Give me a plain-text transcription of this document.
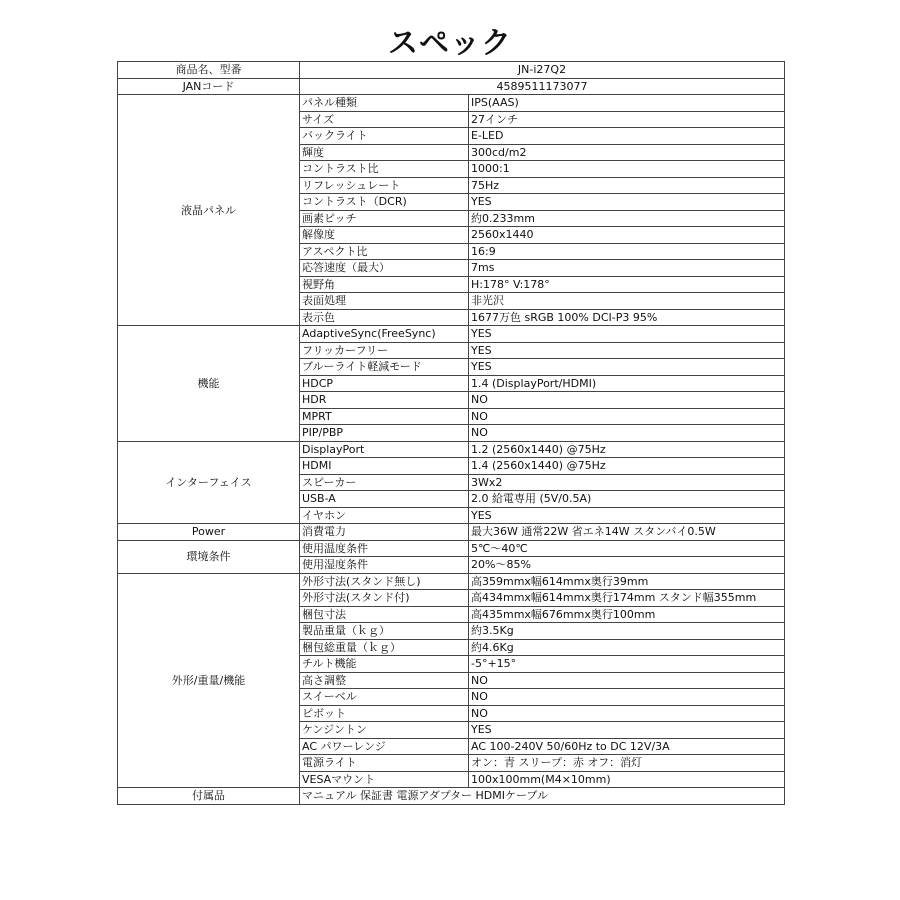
スペック
商品名、型番	JN-i27Q2	
JANコード	4589511173077	
液晶パネル	パネル種類	IPS(AAS)
	サイズ	27インチ
	バックライト	E-LED
	輝度	300cd/m2
	コントラスト比	1000:1
	リフレッシュレート	75Hz
	コントラスト（DCR)	YES
	画素ピッチ	約0.233mm
	解像度	2560x1440
	アスペクト比	16:9
	応答速度（最大）	7ms
	視野角	H:178° V:178°
	表面処理	非光沢
	表示色	1677万色 sRGB 100% DCI-P3 95%
機能	AdaptiveSync(FreeSync)	YES
	フリッカーフリー	YES
	ブルーライト軽減モード	YES
	HDCP	1.4 (DisplayPort/HDMI)
	HDR	NO
	MPRT	NO
	PIP/PBP	NO
インターフェイス	DisplayPort	1.2 (2560x1440) @75Hz
	HDMI	1.4 (2560x1440) @75Hz
	スピーカー	3Wx2
	USB-A	2.0 給電専用 (5V/0.5A)
	イヤホン	YES
Power	消費電力	最大36W 通常22W 省エネ14W スタンバイ0.5W
環境条件	使用温度条件	5℃～40℃
	使用湿度条件	20%～85%
外形/重量/機能	外形寸法(スタンド無し)	高359mmx幅614mmx奥行39mm
	外形寸法(スタンド付)	高434mmx幅614mmx奥行174mm スタンド幅355mm
	梱包寸法	高435mmx幅676mmx奥行100mm
	製品重量（ｋｇ）	約3.5Kg
	梱包総重量（ｋｇ）	約4.6Kg
	チルト機能	-5°+15°
	高さ調整	NO
	スイーベル	NO
	ピボット	NO
	ケンジントン	YES
	AC パワーレンジ	AC 100-240V 50/60Hz to DC 12V/3A
	電源ライト	オン：青 スリープ：赤 オフ：消灯
	VESAマウント	100x100mm(M4×10mm)
付属品	マニュアル 保証書 電源アダプター HDMIケーブル	
